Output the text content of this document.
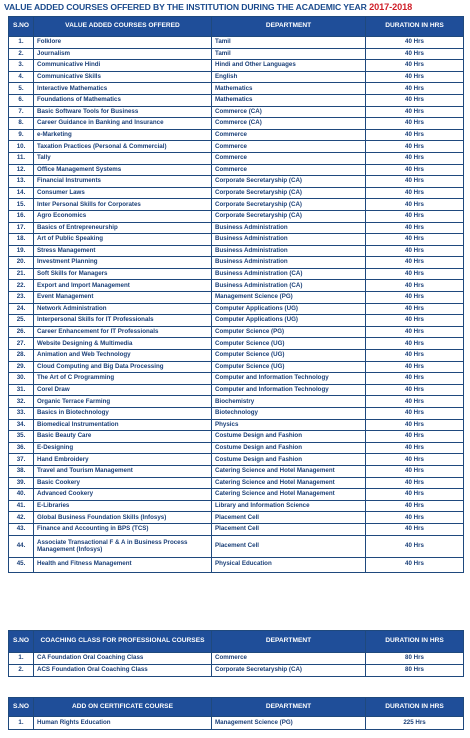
VALUE ADDED COURSES OFFERED BY THE INSTITUTION DURING THE ACADEMIC YEAR 2017-2018
S.NO	VALUE ADDED COURSES OFFERED	DEPARTMENT	DURATION IN HRS
1.	Folklore	Tamil	40 Hrs
2.	Journalism	Tamil	40 Hrs
3.	Communicative Hindi	Hindi and Other Languages	40 Hrs
4.	Communicative Skills	English	40 Hrs
5.	Interactive Mathematics	Mathematics	40 Hrs
6.	Foundations of Mathematics	Mathematics	40 Hrs
7.	Basic Software Tools for Business	Commerce (CA)	40 Hrs
8.	Career Guidance in Banking and Insurance	Commerce (CA)	40 Hrs
9.	e-Marketing	Commerce	40 Hrs
10.	Taxation Practices (Personal & Commercial)	Commerce	40 Hrs
11.	Tally	Commerce	40 Hrs
12.	Office Management Systems	Commerce	40 Hrs
13.	Financial Instruments	Corporate Secretaryship (CA)	40 Hrs
14.	Consumer Laws	Corporate Secretaryship (CA)	40 Hrs
15.	Inter Personal Skills for Corporates	Corporate Secretaryship (CA)	40 Hrs
16.	Agro Economics	Corporate Secretaryship (CA)	40 Hrs
17.	Basics of Entrepreneurship	Business Administration	40 Hrs
18.	Art of Public Speaking	Business Administration	40 Hrs
19.	Stress Management	Business Administration	40 Hrs
20.	Investment Planning	Business Administration	40 Hrs
21.	Soft Skills for Managers	Business Administration (CA)	40 Hrs
22.	Export and Import Management	Business Administration (CA)	40 Hrs
23.	Event Management	Management Science (PG)	40 Hrs
24.	Network Administration	Computer Applications (UG)	40 Hrs
25.	Interpersonal Skills for IT Professionals	Computer Applications (UG)	40 Hrs
26.	Career Enhancement for IT Professionals	Computer Science (PG)	40 Hrs
27.	Website Designing & Multimedia	Computer Science (UG)	40 Hrs
28.	Animation and Web Technology	Computer Science (UG)	40 Hrs
29.	Cloud Computing and Big Data Processing	Computer Science (UG)	40 Hrs
30.	The Art of C Programming	Computer and Information Technology	40 Hrs
31.	Corel Draw	Computer and Information Technology	40 Hrs
32.	Organic Terrace Farming	Biochemistry	40 Hrs
33.	Basics in Biotechnology	Biotechnology	40 Hrs
34.	Biomedical Instrumentation	Physics	40 Hrs
35.	Basic Beauty Care	Costume Design and Fashion	40 Hrs
36.	E-Designing	Costume Design and Fashion	40 Hrs
37.	Hand Embroidery	Costume Design and Fashion	40 Hrs
38.	Travel and Tourism Management	Catering Science and Hotel Management	40 Hrs
39.	Basic Cookery	Catering Science and Hotel Management	40 Hrs
40.	Advanced Cookery	Catering Science and Hotel Management	40 Hrs
41.	E-Libraries	Library and Information Science	40 Hrs
42.	Global Business Foundation Skills (Infosys)	Placement Cell	40 Hrs
43.	Finance and Accounting in BPS (TCS)	Placement Cell	40 Hrs
44.	Associate Transactional F & A in Business Process Management (Infosys)	Placement Cell	40 Hrs
45.	Health and Fitness Management	Physical Education	40 Hrs
S.NO	COACHING CLASS FOR PROFESSIONAL COURSES	DEPARTMENT	DURATION IN HRS
1.	CA Foundation Oral Coaching Class	Commerce	80 Hrs
2.	ACS Foundation Oral Coaching Class	Corporate Secretaryship (CA)	80 Hrs
S.NO	ADD ON CERTIFICATE COURSE	DEPARTMENT	DURATION IN HRS
1.	Human Rights Education	Management Science (PG)	225 Hrs
